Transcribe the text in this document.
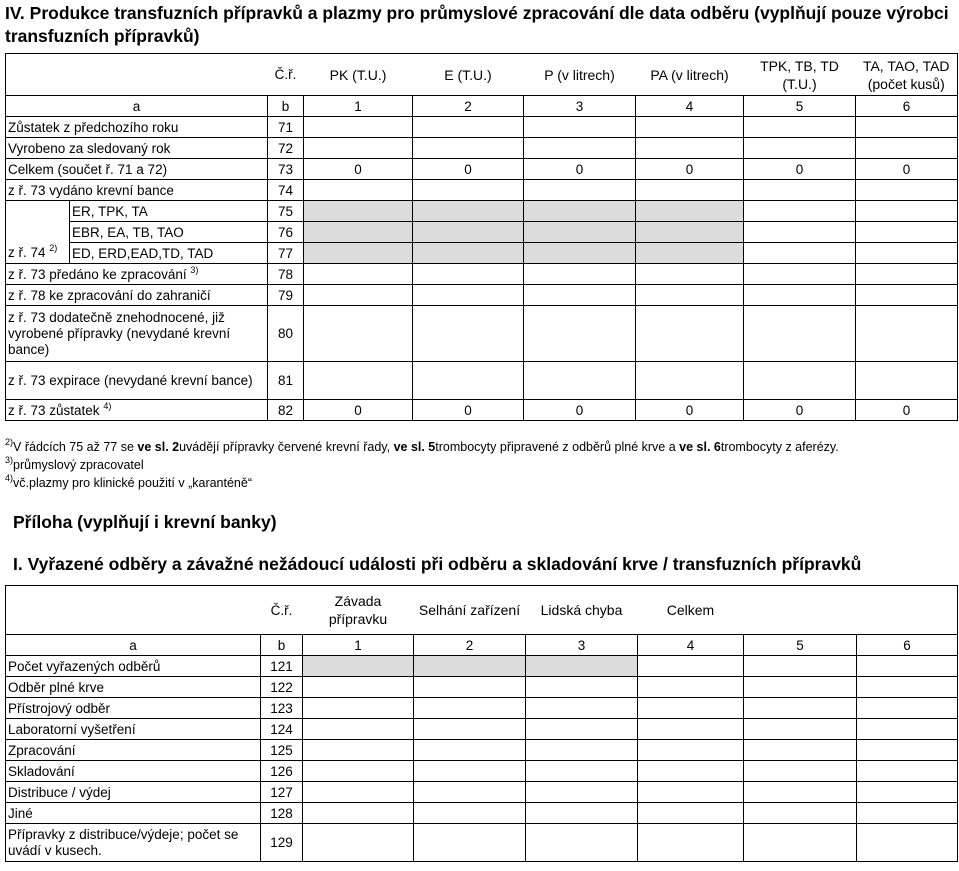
IV. Produkce transfuzních přípravků a plazmy pro průmyslové zpracování dle data odběru (vyplňují pouze výrobci transfuzních přípravků)
		Č.ř.	PK (T.U.)	E (T.U.)	P (v litrech)	PA (v litrech)	TPK, TB, TD (T.U.)	TA, TAO, TAD (počet kusů)
a		b	1	2	3	4	5	6
Zůstatek z předchozího roku		71						
Vyrobeno za sledovaný rok		72						
Celkem (součet ř. 71 a 72)		73	0	0	0	0	0	0
z ř. 73 vydáno krevní bance		74						
	ER, TPK, TA	75						
	EBR, EA, TB, TAO	76						
z ř. 74 $^{2)}$	ED, ERD,EAD,TD, TAD	77						
z ř. 73 předáno ke zpracování $^{3)}$		78						
z ř. 78 ke zpracování do zahraničí		79						
z ř. 73 dodatečně znehodnocené, již vyrobené přípravky (nevydané krevní bance)		80						
z ř. 73 expirace (nevydané krevní bance)		81						
z ř. 73 zůstatek $^{4)}$		82	0	0	0	0	0	0
$^{2)}$V řádcích 75 až 77 se ve sl. 2uvádějí přípravky červené krevní řady, ve sl. 5trombocyty připravené z odběrů plné krve a ve sl. 6trombocyty z aferézy.
$^{3)}$průmyslový zpracovatel
$^{4)}$vč.plazmy pro klinické použití v „karanténě“
Příloha (vyplňují i krevní banky)
I. Vyřazené odběry a závažné nežádoucí události při odběru a skladování krve / transfuzních přípravků
	Č.ř.	Závada přípravku	Selhání zařízení	Lidská chyba	Celkem		
a	b	1	2	3	4	5	6
Počet vyřazených odběrů	121						
Odběr plné krve	122						
Přístrojový odběr	123						
Laboratorní vyšetření	124						
Zpracování	125						
Skladování	126						
Distribuce / výdej	127						
Jiné	128						
Přípravky z distribuce/výdeje; počet se uvádí v kusech.	129						
